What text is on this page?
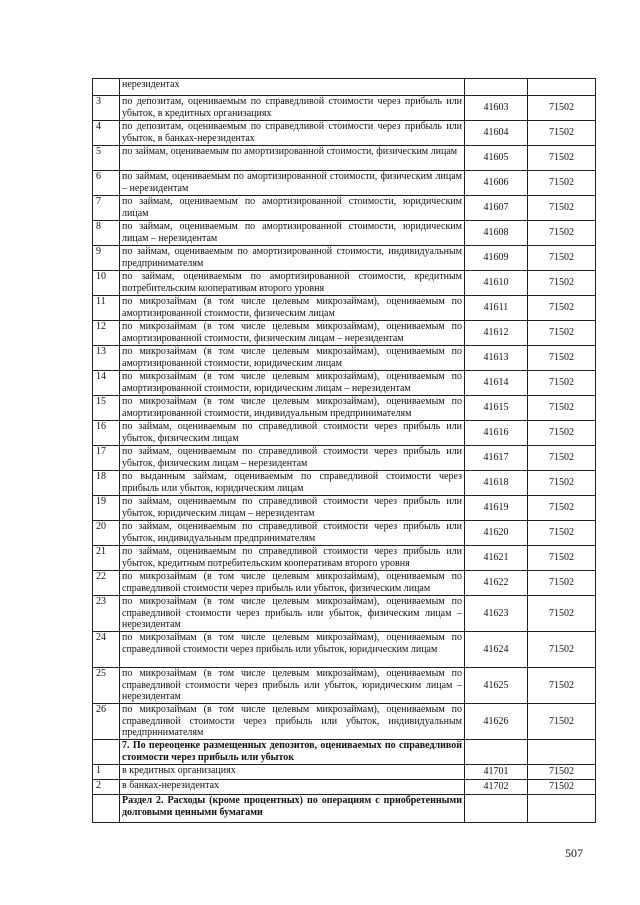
	нерезидентах		
3	по депозитам, оцениваемым по справедливой стоимости через прибыль или убыток, в кредитных организациях	41603	71502
4	по депозитам, оцениваемым по справедливой стоимости через прибыль или убыток, в банках-нерезидентах	41604	71502
5	по займам, оцениваемым по амортизированной стоимости, физическим лицам	41605	71502
6	по займам, оцениваемым по амортизированной стоимости, физическим лицам – нерезидентам	41606	71502
7	по займам, оцениваемым по амортизированной стоимости, юридическим лицам	41607	71502
8	по займам, оцениваемым по амортизированной стоимости, юридическим лицам – нерезидентам	41608	71502
9	по займам, оцениваемым по амортизированной стоимости, индивидуальным предпринимателям	41609	71502
10	по займам, оцениваемым по амортизированной стоимости, кредитным потребительским кооперативам второго уровня	41610	71502
11	по микрозаймам (в том числе целевым микрозаймам), оцениваемым по амортизированной стоимости, физическим лицам	41611	71502
12	по микрозаймам (в том числе целевым микрозаймам), оцениваемым по амортизированной стоимости, физическим лицам – нерезидентам	41612	71502
13	по микрозаймам (в том числе целевым микрозаймам), оцениваемым по амортизированной стоимости, юридическим лицам	41613	71502
14	по микрозаймам (в том числе целевым микрозаймам), оцениваемым по амортизированной стоимости, юридическим лицам – нерезидентам	41614	71502
15	по микрозаймам (в том числе целевым микрозаймам), оцениваемым по амортизированной стоимости, индивидуальным предпринимателям	41615	71502
16	по займам, оцениваемым по справедливой стоимости через прибыль или убыток, физическим лицам	41616	71502
17	по займам, оцениваемым по справедливой стоимости через прибыль или убыток, физическим лицам – нерезидентам	41617	71502
18	по выданным займам, оцениваемым по справедливой стоимости через прибыль или убыток, юридическим лицам	41618	71502
19	по займам, оцениваемым по справедливой стоимости через прибыль или убыток, юридическим лицам – нерезидентам	41619	71502
20	по займам, оцениваемым по справедливой стоимости через прибыль или убыток, индивидуальным предпринимателям	41620	71502
21	по займам, оцениваемым по справедливой стоимости через прибыль или убыток, кредитным потребительским кооперативам второго уровня	41621	71502
22	по микрозаймам (в том числе целевым микрозаймам), оцениваемым по справедливой стоимости через прибыль или убыток, физическим лицам	41622	71502
23	по микрозаймам (в том числе целевым микрозаймам), оцениваемым по справедливой стоимости через прибыль или убыток, физическим лицам – нерезидентам	41623	71502
24	по микрозаймам (в том числе целевым микрозаймам), оцениваемым по справедливой стоимости через прибыль или убыток, юридическим лицам	41624	71502
25	по микрозаймам (в том числе целевым микрозаймам), оцениваемым по справедливой стоимости через прибыль или убыток, юридическим лицам – нерезидентам	41625	71502
26	по микрозаймам (в том числе целевым микрозаймам), оцениваемым по справедливой стоимости через прибыль или убыток, индивидуальным предпринимателям	41626	71502
	7. По переоценке размещенных депозитов, оцениваемых по справедливой стоимости через прибыль или убыток		
1	в кредитных организациях	41701	71502
2	в банках-нерезидентах	41702	71502
	Раздел 2. Расходы (кроме процентных) по операциям с приобретенными долговыми ценными бумагами		
507
